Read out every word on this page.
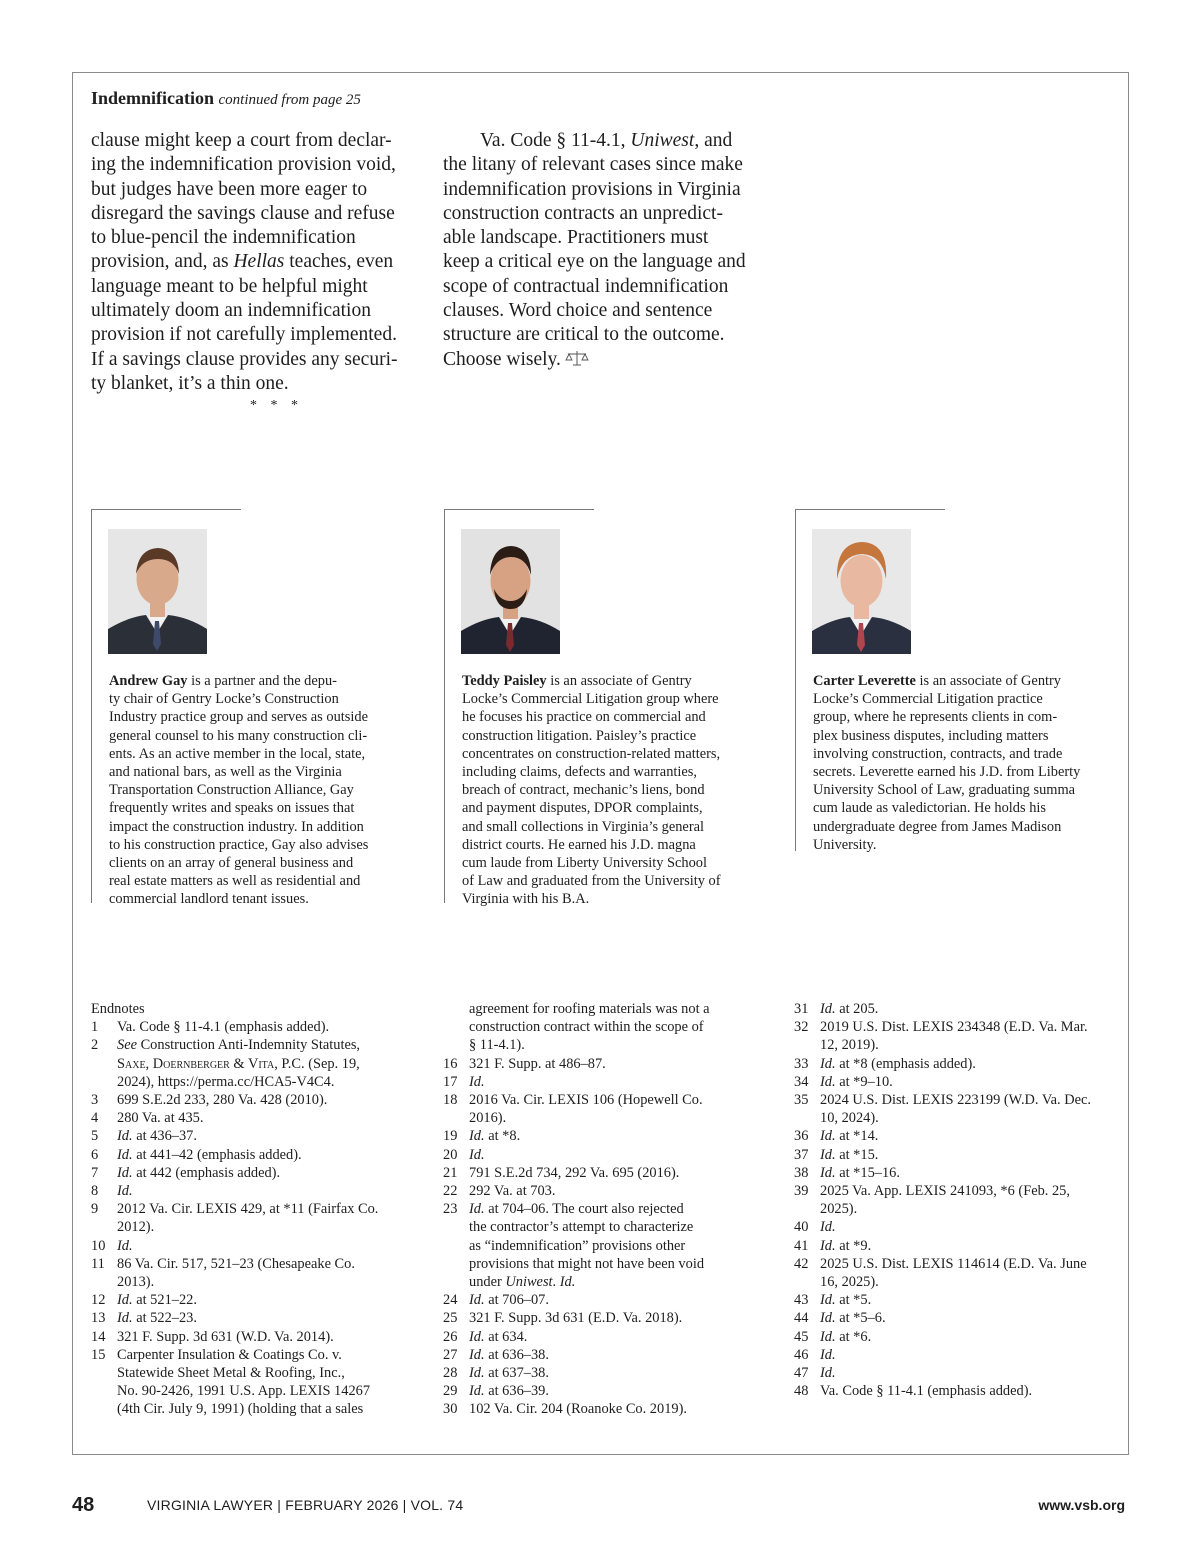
Indemnification continued from page 25
clause might keep a court from declar-
ing the indemnification provision void,
but judges have been more eager to
disregard the savings clause and refuse
to blue-pencil the indemnification
provision, and, as Hellas teaches, even
language meant to be helpful might
ultimately doom an indemnification
provision if not carefully implemented.
If a savings clause provides any securi-
ty blanket, it’s a thin one.
* * *
Va. Code § 11-4.1, Uniwest, and
the litany of relevant cases since make
indemnification provisions in Virginia
construction contracts an unpredict-
able landscape. Practitioners must
keep a critical eye on the language and
scope of contractual indemnification
clauses. Word choice and sentence
structure are critical to the outcome.
Choose wisely.
Andrew Gay is a partner and the depu-
ty chair of Gentry Locke’s Construction
Industry practice group and serves as outside
general counsel to his many construction cli-
ents. As an active member in the local, state,
and national bars, as well as the Virginia
Transportation Construction Alliance, Gay
frequently writes and speaks on issues that
impact the construction industry. In addition
to his construction practice, Gay also advises
clients on an array of general business and
real estate matters as well as residential and
commercial landlord tenant issues.
Teddy Paisley is an associate of Gentry
Locke’s Commercial Litigation group where
he focuses his practice on commercial and
construction litigation. Paisley’s practice
concentrates on construction-related matters,
including claims, defects and warranties,
breach of contract, mechanic’s liens, bond
and payment disputes, DPOR complaints,
and small collections in Virginia’s general
district courts. He earned his J.D. magna
cum laude from Liberty University School
of Law and graduated from the University of
Virginia with his B.A.
Carter Leverette is an associate of Gentry
Locke’s Commercial Litigation practice
group, where he represents clients in com-
plex business disputes, including matters
involving construction, contracts, and trade
secrets. Leverette earned his J.D. from Liberty
University School of Law, graduating summa
cum laude as valedictorian. He holds his
undergraduate degree from James Madison
University.
Endnotes
1 Va. Code § 11-4.1 (emphasis added).
2 See Construction Anti-Indemnity Statutes,
Saxe, Doernberger & Vita, P.C. (Sep. 19,
2024), https://perma.cc/HCA5-V4C4.
3 699 S.E.2d 233, 280 Va. 428 (2010).
4 280 Va. at 435.
5 Id. at 436–37.
6 Id. at 441–42 (emphasis added).
7 Id. at 442 (emphasis added).
8 Id.
9 2012 Va. Cir. LEXIS 429, at *11 (Fairfax Co.
2012).
10 Id.
11 86 Va. Cir. 517, 521–23 (Chesapeake Co.
2013).
12 Id. at 521–22.
13 Id. at 522–23.
14 321 F. Supp. 3d 631 (W.D. Va. 2014).
15 Carpenter Insulation & Coatings Co. v.
Statewide Sheet Metal & Roofing, Inc.,
No. 90-2426, 1991 U.S. App. LEXIS 14267
(4th Cir. July 9, 1991) (holding that a sales
agreement for roofing materials was not a
construction contract within the scope of
§ 11-4.1).
16 321 F. Supp. at 486–87.
17 Id.
18 2016 Va. Cir. LEXIS 106 (Hopewell Co.
2016).
19 Id. at *8.
20 Id.
21 791 S.E.2d 734, 292 Va. 695 (2016).
22 292 Va. at 703.
23 Id. at 704–06. The court also rejected
the contractor’s attempt to characterize
as “indemnification” provisions other
provisions that might not have been void
under Uniwest. Id.
24 Id. at 706–07.
25 321 F. Supp. 3d 631 (E.D. Va. 2018).
26 Id. at 634.
27 Id. at 636–38.
28 Id. at 637–38.
29 Id. at 636–39.
30 102 Va. Cir. 204 (Roanoke Co. 2019).
31 Id. at 205.
32 2019 U.S. Dist. LEXIS 234348 (E.D. Va. Mar.
12, 2019).
33 Id. at *8 (emphasis added).
34 Id. at *9–10.
35 2024 U.S. Dist. LEXIS 223199 (W.D. Va. Dec.
10, 2024).
36 Id. at *14.
37 Id. at *15.
38 Id. at *15–16.
39 2025 Va. App. LEXIS 241093, *6 (Feb. 25,
2025).
40 Id.
41 Id. at *9.
42 2025 U.S. Dist. LEXIS 114614 (E.D. Va. June
16, 2025).
43 Id. at *5.
44 Id. at *5–6.
45 Id. at *6.
46 Id.
47 Id.
48 Va. Code § 11-4.1 (emphasis added).
48	VIRGINIA LAWYER | FEBRUARY 2026 | VOL. 74	www.vsb.org
